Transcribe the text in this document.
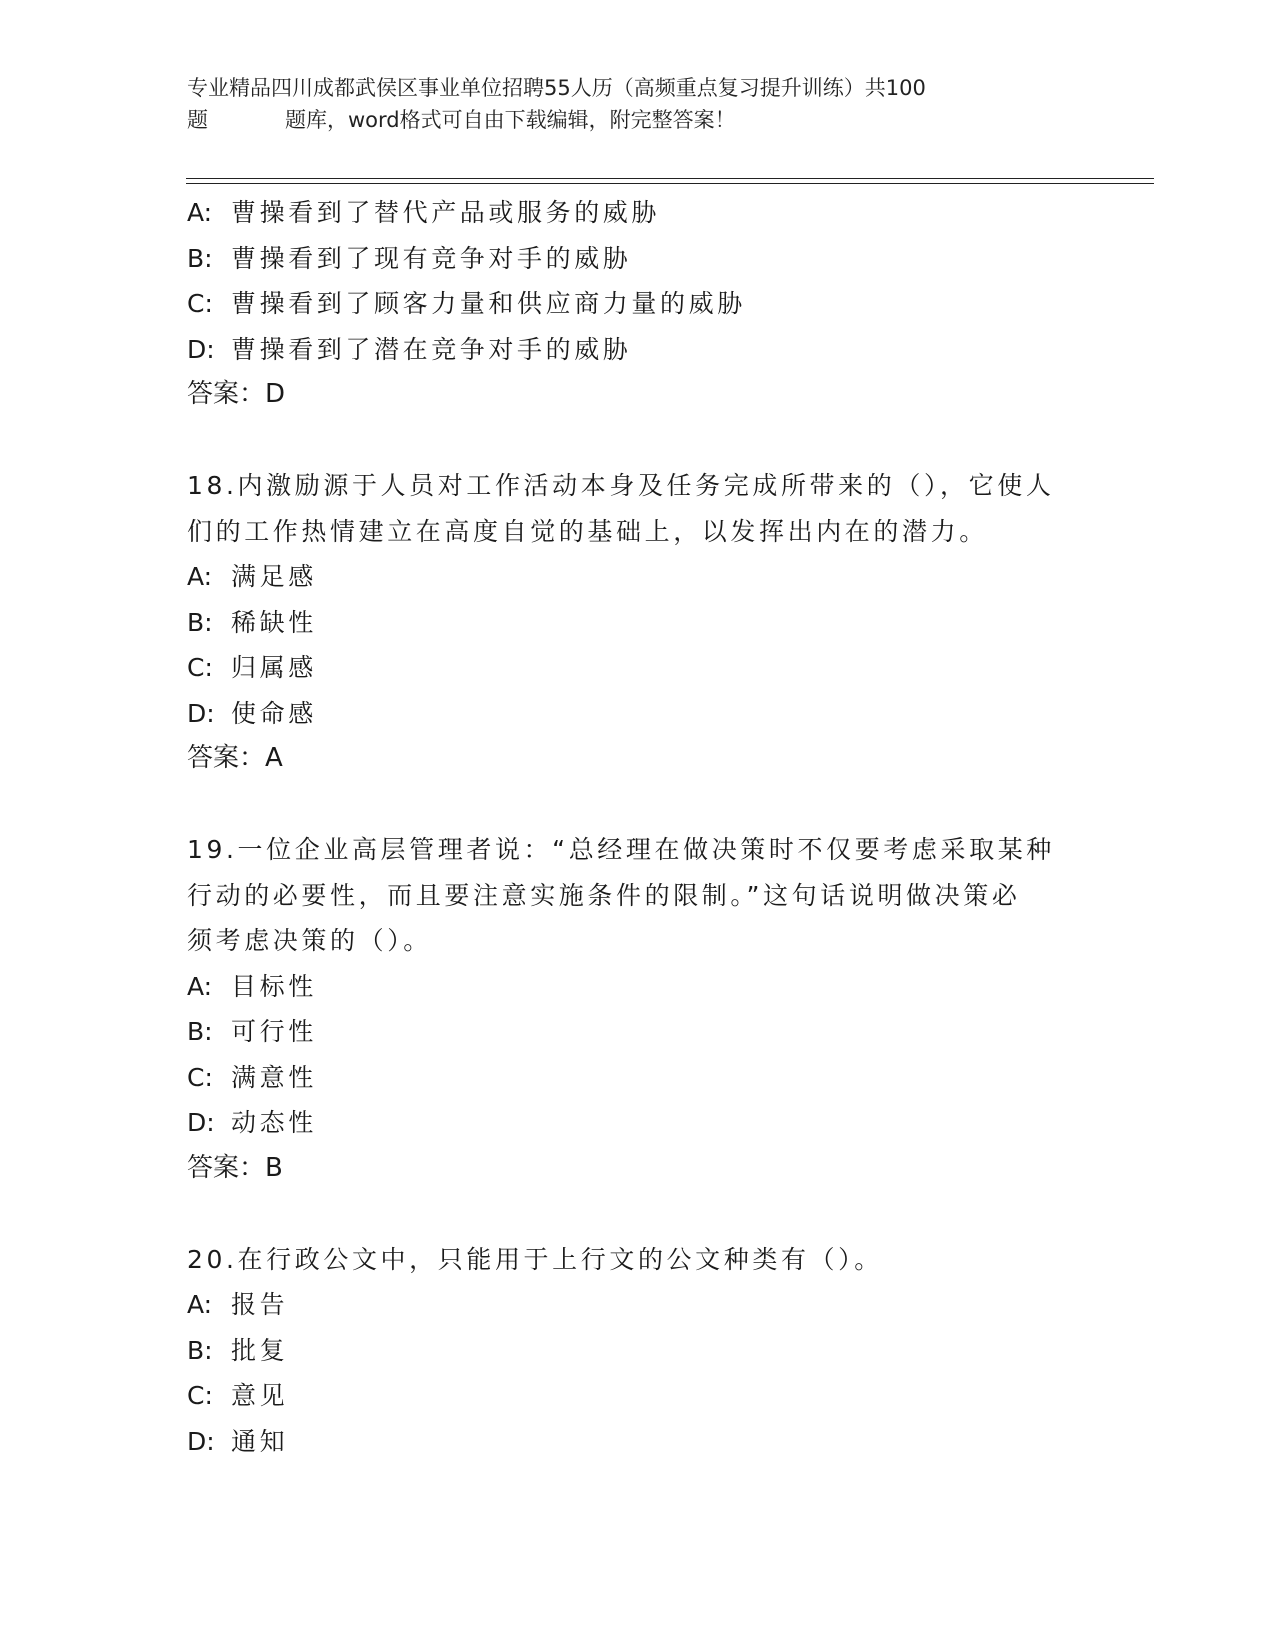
专业精品四川成都武侯区事业单位招聘55人历（高频重点复习提升训练）共100
题	题库，word格式可自由下载编辑，附完整答案！
A: 曹操看到了替代产品或服务的威胁
B: 曹操看到了现有竞争对手的威胁
C: 曹操看到了顾客力量和供应商力量的威胁
D: 曹操看到了潜在竞争对手的威胁
答案：D
18.内激励源于人员对工作活动本身及任务完成所带来的（），它使人
们的工作热情建立在高度自觉的基础上，以发挥出内在的潜力。
A: 满足感
B: 稀缺性
C: 归属感
D: 使命感
答案：A
19.一位企业高层管理者说：“总经理在做决策时不仅要考虑采取某种
行动的必要性，而且要注意实施条件的限制。”这句话说明做决策必
须考虑决策的（）。
A: 目标性
B: 可行性
C: 满意性
D: 动态性
答案：B
20.在行政公文中，只能用于上行文的公文种类有（）。
A: 报告
B: 批复
C: 意见
D: 通知
